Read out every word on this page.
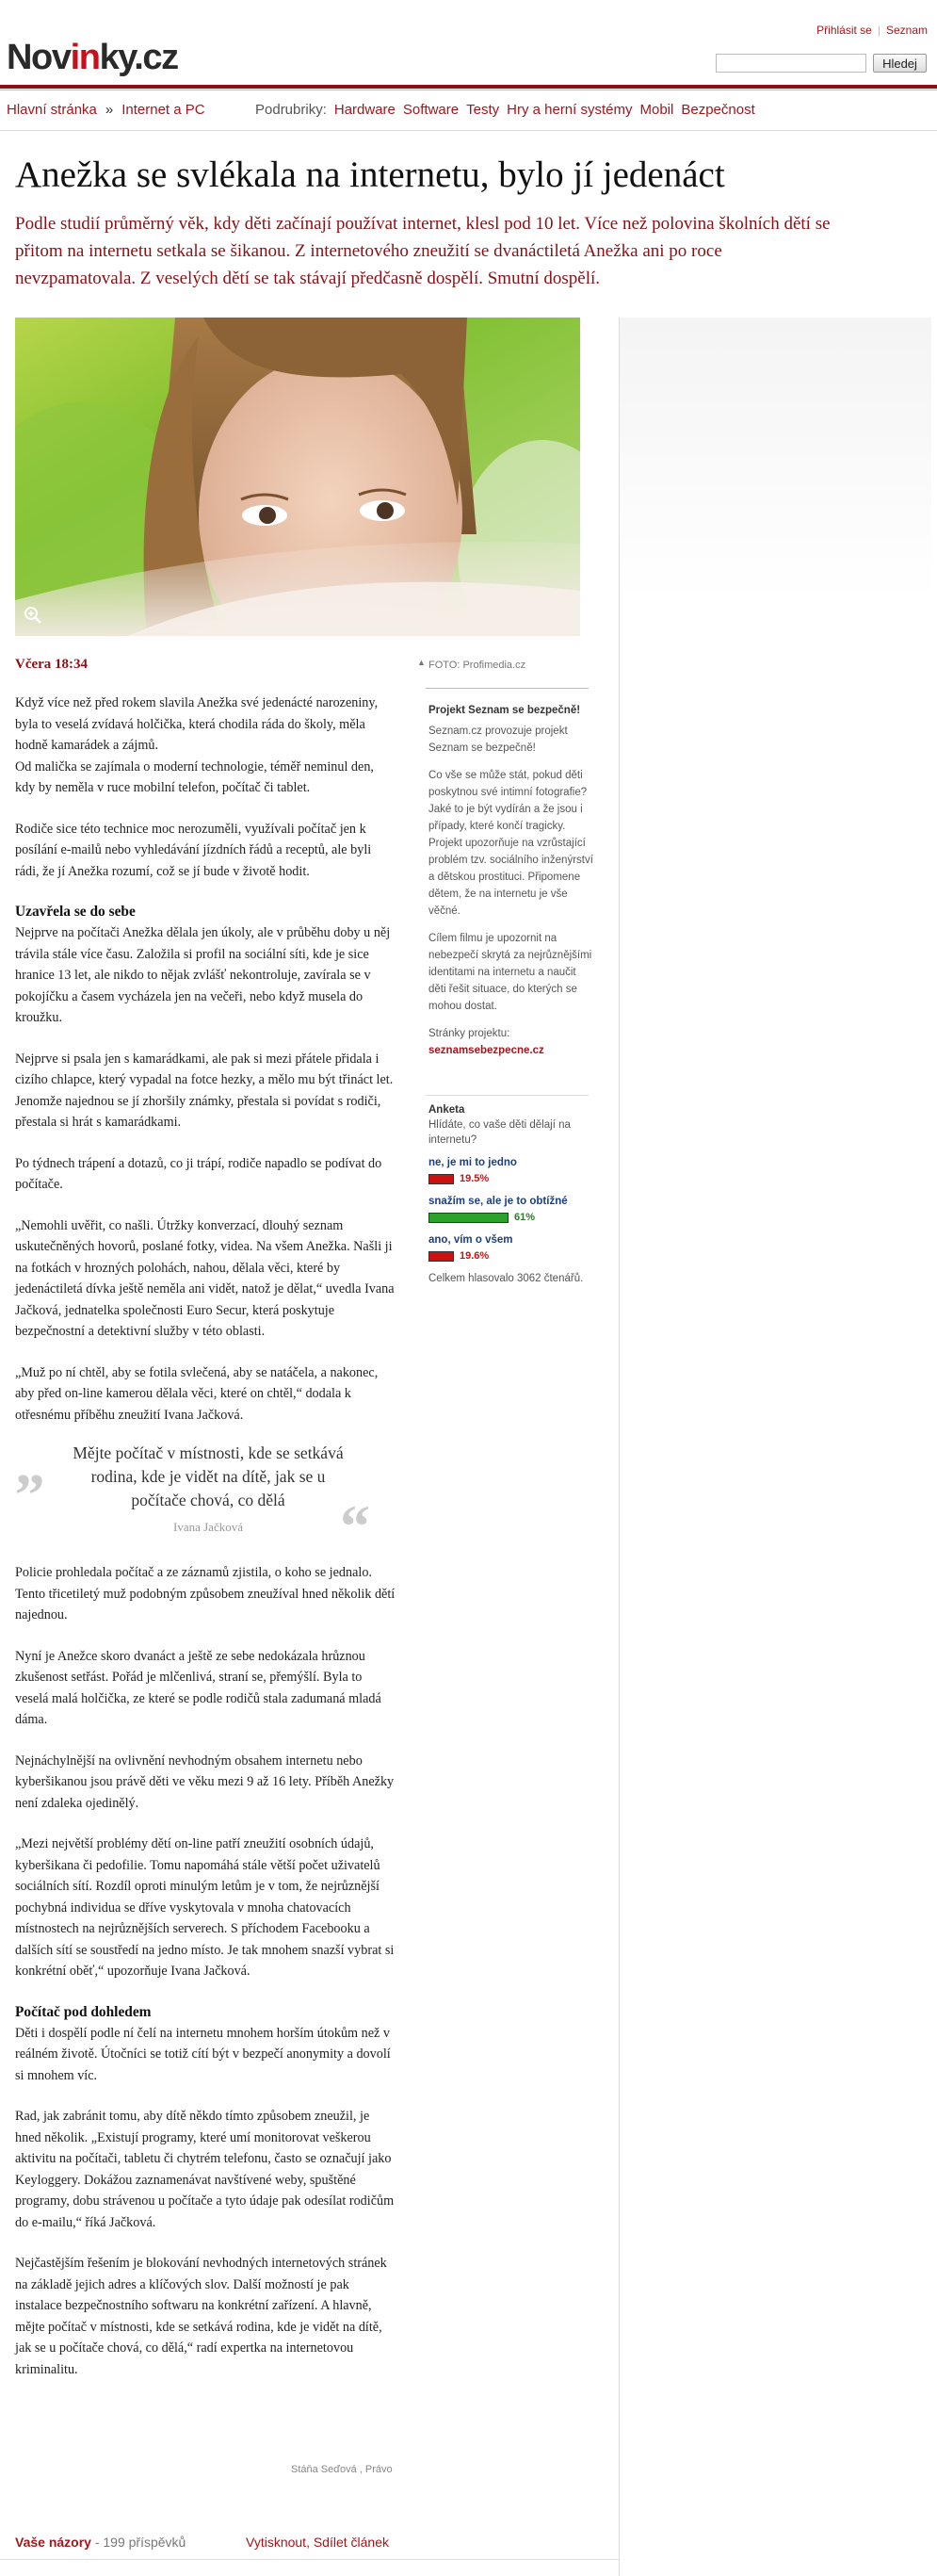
Přihlásit se | Seznam
Novinky.cz	Hledej
Hlavní stránka » Internet a PC	Podrubriky: Hardware Software Testy Hry a herní systémy Mobil Bezpečnost
Anežka se svlékala na internetu, bylo jí jedenáct
Podle studií průměrný věk, kdy děti začínají používat internet, klesl pod 10 let. Více než polovina školních dětí se přitom na internetu setkala se šikanou. Z internetového zneužití se dvanáctiletá Anežka ani po roce nevzpamatovala. Z veselých dětí se tak stávají předčasně dospělí. Smutní dospělí.
▲ FOTO: Profimedia.cz
Včera 18:34

Když více než před rokem slavila Anežka své jedenácté narozeniny, byla to veselá zvídavá holčička, která chodila ráda do školy, měla hodně kamarádek a zájmů.
Od malička se zajímala o moderní technologie, téměř neminul den, kdy by neměla v ruce mobilní telefon, počítač či tablet.

Rodiče sice této technice moc nerozuměli, využívali počítač jen k posílání e-mailů nebo vyhledávání jízdních řádů a receptů, ale byli rádi, že jí Anežka rozumí, což se jí bude v životě hodit.

Uzavřela se do sebe

Nejprve na počítači Anežka dělala jen úkoly, ale v průběhu doby u něj trávila stále více času. Založila si profil na sociální síti, kde je sice hranice 13 let, ale nikdo to nějak zvlášť nekontroluje, zavírala se v pokojíčku a časem vycházela jen na večeři, nebo když musela do kroužku.

Nejprve si psala jen s kamarádkami, ale pak si mezi přátele přidala i cizího chlapce, který vypadal na fotce hezky, a mělo mu být třináct let. Jenomže najednou se jí zhoršily známky, přestala si povídat s rodiči, přestala si hrát s kamarádkami.

Po týdnech trápení a dotazů, co ji trápí, rodiče napadlo se podívat do počítače.

„Nemohli uvěřit, co našli. Útržky konverzací, dlouhý seznam uskutečněných hovorů, poslané fotky, videa. Na všem Anežka. Našli ji na fotkách v hrozných polohách, nahou, dělala věci, které by jedenáctiletá dívka ještě neměla ani vidět, natož je dělat,“ uvedla Ivana Jačková, jednatelka společnosti Euro Secur, která poskytuje bezpečnostní a detektivní služby v této oblasti.

„Muž po ní chtěl, aby se fotila svlečená, aby se natáčela, a nakonec, aby před on-line kamerou dělala věci, které on chtěl,“ dodala k otřesnému příběhu zneužití Ivana Jačková.

„	Mějte počítač v místnosti, kde se setkává rodina, kde je vidět na dítě, jak se u počítače chová, co dělá
Ivana Jačková	“

Policie prohledala počítač a ze záznamů zjistila, o koho se jednalo. Tento třicetiletý muž podobným způsobem zneužíval hned několik dětí najednou.

Nyní je Anežce skoro dvanáct a ještě ze sebe nedokázala hrůznou zkušenost setřást. Pořád je mlčenlivá, straní se, přemýšlí. Byla to veselá malá holčička, ze které se podle rodičů stala zadumaná mladá dáma.

Nejnáchylnější na ovlivnění nevhodným obsahem internetu nebo kyberšikanou jsou právě děti ve věku mezi 9 až 16 lety. Příběh Anežky není zdaleka ojedinělý.

„Mezi největší problémy dětí on-line patří zneužití osobních údajů, kyberšikana či pedofilie. Tomu napomáhá stále větší počet uživatelů sociálních sítí. Rozdíl oproti minulým letům je v tom, že nejrůznější pochybná individua se dříve vyskytovala v mnoha chatovacích místnostech na nejrůznějších serverech. S příchodem Facebooku a dalších sítí se soustředí na jedno místo. Je tak mnohem snazší vybrat si konkrétní oběť,“ upozorňuje Ivana Jačková.

Počítač pod dohledem

Děti i dospělí podle ní čelí na internetu mnohem horším útokům než v reálném životě. Útočníci se totiž cítí být v bezpečí anonymity a dovolí si mnohem víc.

Rad, jak zabránit tomu, aby dítě někdo tímto způsobem zneužil, je hned několik. „Existují programy, které umí monitorovat veškerou aktivitu na počítači, tabletu či chytrém telefonu, často se označují jako Keyloggery. Dokážou zaznamenávat navštívené weby, spuštěné programy, dobu strávenou u počítače a tyto údaje pak odesílat rodičům do e-mailu,“ říká Jačková.

Nejčastějším řešením je blokování nevhodných internetových stránek na základě jejich adres a klíčových slov. Další možností je pak instalace bezpečnostního softwaru na konkrétní zařízení. A hlavně, mějte počítač v místnosti, kde se setkává rodina, kde je vidět na dítě, jak se u počítače chová, co dělá,“ radí expertka na internetovou kriminalitu.

Stáňa Seďová , Právo
Vaše názory - 199 příspěvků	Vytisknout, Sdílet článek
Projekt Seznam se bezpečně!

Seznam.cz provozuje projekt Seznam se bezpečně!

Co vše se může stát, pokud děti poskytnou své intimní fotografie? Jaké to je být vydírán a že jsou i případy, které končí tragicky. Projekt upozorňuje na vzrůstající problém tzv. sociálního inženýrství a dětskou prostituci. Připomene dětem, že na internetu je vše věčné.

Cílem filmu je upozornit na nebezpečí skrytá za nejrůznějšími identitami na internetu a naučit děti řešit situace, do kterých se mohou dostat.

Stránky projektu:
seznamsebezpecne.cz
Anketa
Hlídáte, co vaše děti dělají na internetu?
ne, je mi to jedno
19.5%
snažím se, ale je to obtížné
61%
ano, vím o všem
19.6%
Celkem hlasovalo 3062 čtenářů.
